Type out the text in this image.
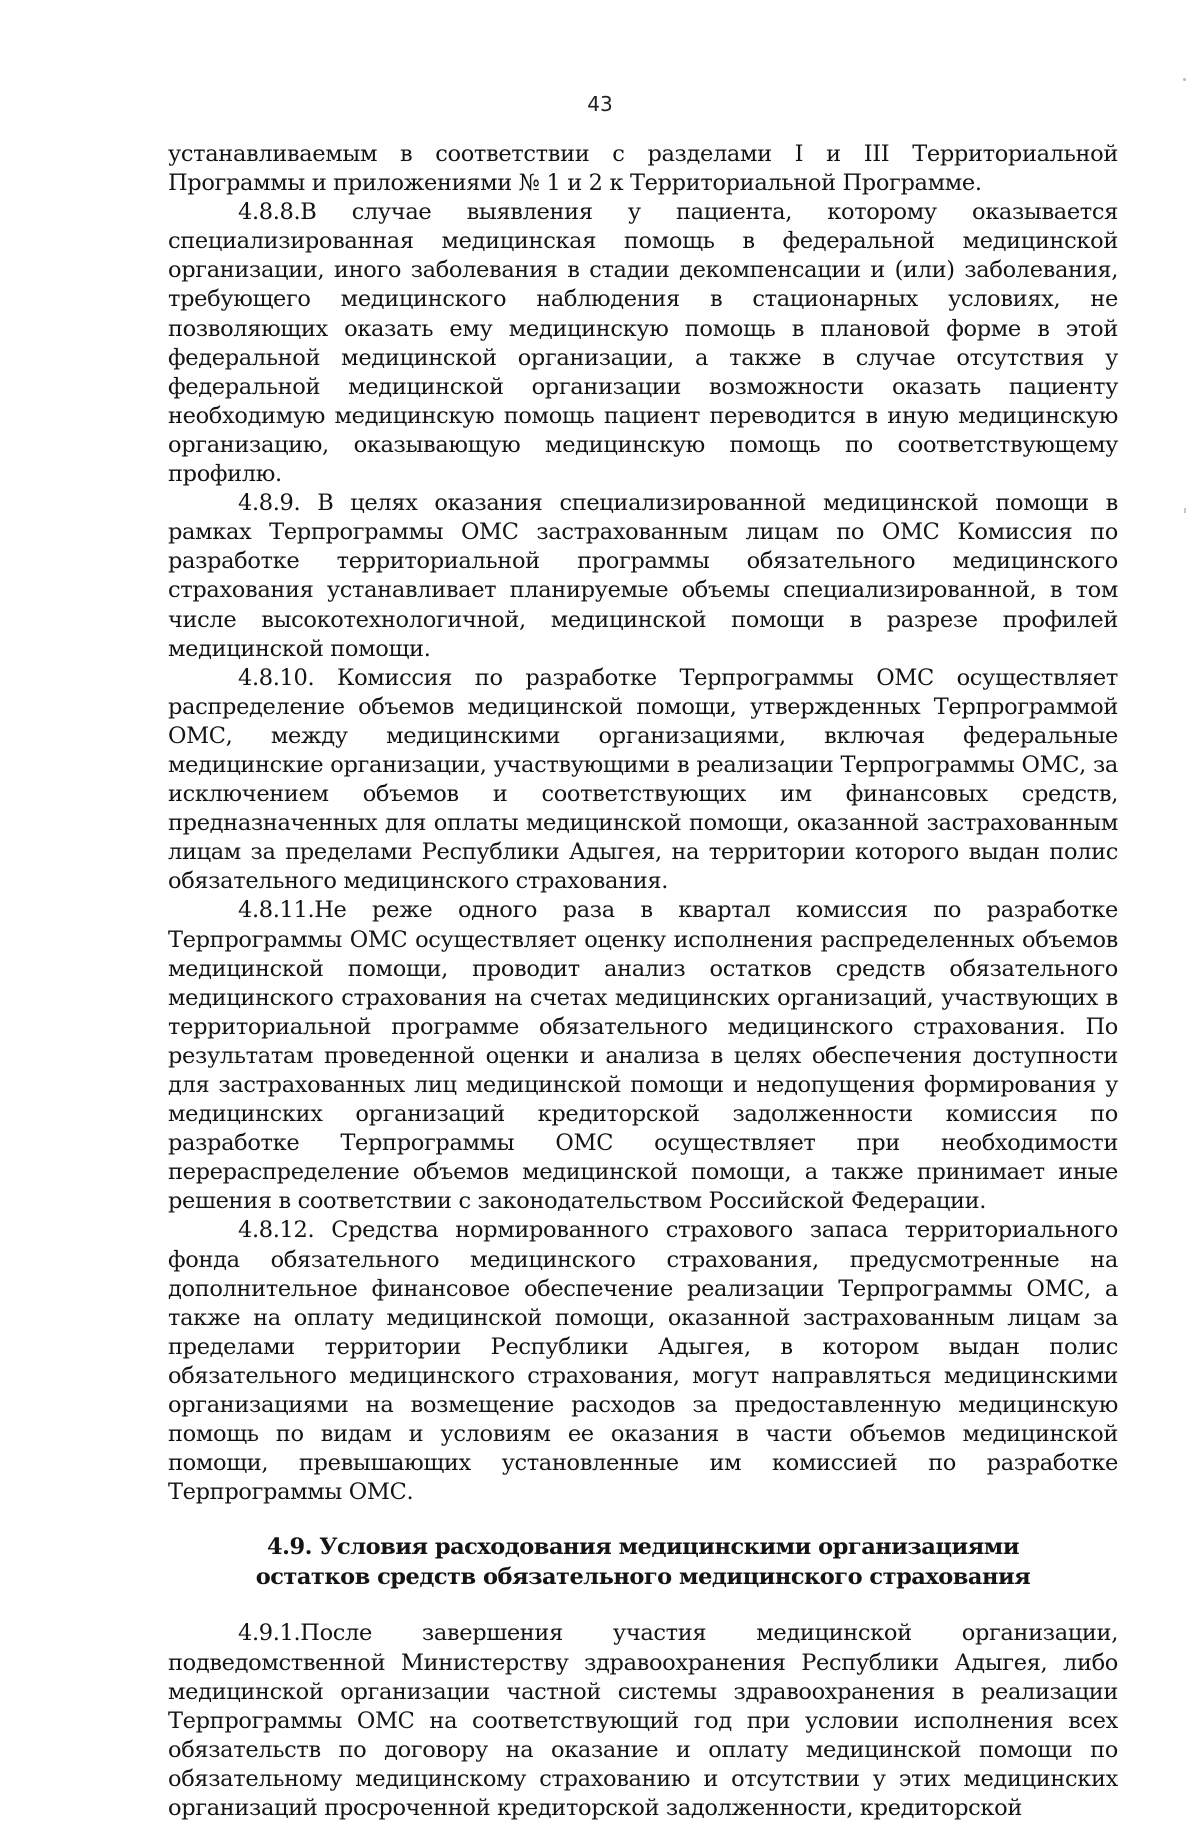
43

устанавливаемым в соответствии с разделами I и III Территориальной Программы и приложениями № 1 и 2 к Территориальной Программе.

4.8.8.В случае выявления у пациента, которому оказывается специализированная медицинская помощь в федеральной медицинской организации, иного заболевания в стадии декомпенсации и (или) заболевания, требующего медицинского наблюдения в стационарных условиях, не позволяющих оказать ему медицинскую помощь в плановой форме в этой федеральной медицинской организации, а также в случае отсутствия у федеральной медицинской организации возможности оказать пациенту необходимую медицинскую помощь пациент переводится в иную медицинскую организацию, оказывающую медицинскую помощь по соответствующему профилю.

4.8.9. В целях оказания специализированной медицинской помощи в рамках Терпрограммы ОМС застрахованным лицам по ОМС Комиссия по разработке территориальной программы обязательного медицинского страхования устанавливает планируемые объемы специализированной, в том числе высокотехнологичной, медицинской помощи в разрезе профилей медицинской помощи.

4.8.10. Комиссия по разработке Терпрограммы ОМС осуществляет распределение объемов медицинской помощи, утвержденных Терпрограммой ОМС, между медицинскими организациями, включая федеральные медицинские организации, участвующими в реализации Терпрограммы ОМС, за исключением объемов и соответствующих им финансовых средств, предназначенных для оплаты медицинской помощи, оказанной застрахованным лицам за пределами Республики Адыгея, на территории которого выдан полис обязательного медицинского страхования.

4.8.11.Не реже одного раза в квартал комиссия по разработке Терпрограммы ОМС осуществляет оценку исполнения распределенных объемов медицинской помощи, проводит анализ остатков средств обязательного медицинского страхования на счетах медицинских организаций, участвующих в территориальной программе обязательного медицинского страхования. По результатам проведенной оценки и анализа в целях обеспечения доступности для застрахованных лиц медицинской помощи и недопущения формирования у медицинских организаций кредиторской задолженности комиссия по разработке Терпрограммы ОМС осуществляет при необходимости перераспределение объемов медицинской помощи, а также принимает иные решения в соответствии с законодательством Российской Федерации.

4.8.12. Средства нормированного страхового запаса территориального фонда обязательного медицинского страхования, предусмотренные на дополнительное финансовое обеспечение реализации Терпрограммы ОМС, а также на оплату медицинской помощи, оказанной застрахованным лицам за пределами территории Республики Адыгея, в котором выдан полис обязательного медицинского страхования, могут направляться медицинскими организациями на возмещение расходов за предоставленную медицинскую помощь по видам и условиям ее оказания в части объемов медицинской помощи, превышающих установленные им комиссией по разработке Терпрограммы ОМС.

4.9. Условия расходования медицинскими организациями
остатков средств обязательного медицинского страхования

4.9.1.После завершения участия медицинской организации, подведомственной Министерству здравоохранения Республики Адыгея, либо медицинской организации частной системы здравоохранения в реализации Терпрограммы ОМС на соответствующий год при условии исполнения всех обязательств по договору на оказание и оплату медицинской помощи по обязательному медицинскому страхованию и отсутствии у этих медицинских организаций просроченной кредиторской задолженности, кредиторской
